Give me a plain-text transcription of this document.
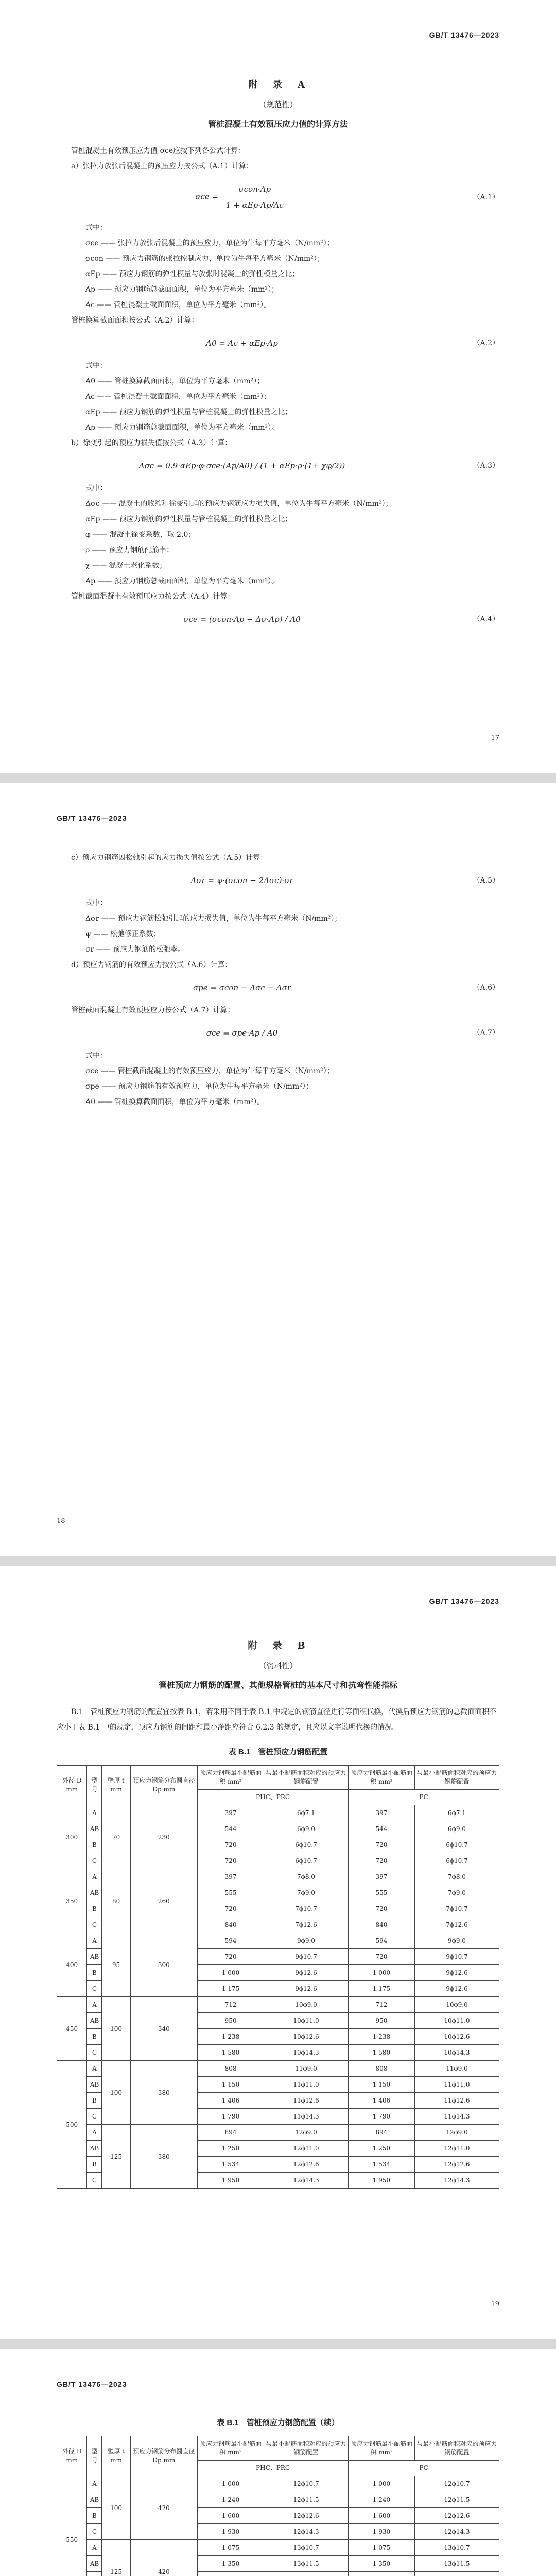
GB/T 13476—2023
附　录　A
（规范性）
管桩混凝土有效预压应力值的计算方法

管桩混凝土有效预压应力值 σce应按下列各公式计算：

a）张拉力放张后混凝土的预压应力按公式（A.1）计算：

$\sigma ce = \frac{\text{σcon·Ap}}{\text{1 + αEp·Ap/Ac}}$	（A.1）

式中：

σce —— 张拉力放张后混凝土的预压应力，单位为牛每平方毫米（N/mm²）；

σcon —— 预应力钢筋的张拉控制应力，单位为牛每平方毫米（N/mm²）；

αEp —— 预应力钢筋的弹性模量与放张时混凝土的弹性模量之比；

Ap —— 预应力钢筋总截面面积，单位为平方毫米（mm²）；

Ac —— 管桩混凝土截面面积，单位为平方毫米（mm²）。

管桩换算截面面积按公式（A.2）计算：

A0 = Ac + αEp·Ap	（A.2）

式中：

A0 —— 管桩换算截面面积，单位为平方毫米（mm²）；

Ac —— 管桩混凝土截面面积，单位为平方毫米（mm²）；

αEp —— 预应力钢筋的弹性模量与管桩混凝土的弹性模量之比；

Ap —— 预应力钢筋总截面面积，单位为平方毫米（mm²）。

b）徐变引起的预应力损失值按公式（A.3）计算：

Δσc = 0.9·αEp·φ·σce·(Ap/A0) / (1 + αEp·ρ·(1+ χφ/2))	（A.3）

式中：

Δσc —— 混凝土的收缩和徐变引起的预应力钢筋应力损失值，单位为牛每平方毫米（N/mm²）；

αEp —— 预应力钢筋的弹性模量与管桩混凝土的弹性模量之比；

φ —— 混凝土徐变系数，取 2.0；

ρ —— 预应力钢筋配筋率；

χ —— 混凝土老化系数；

Ap —— 预应力钢筋总截面面积，单位为平方毫米（mm²）。

管桩截面混凝土有效预压应力按公式（A.4）计算：

σce = (σcon·Ap − Δσ·Ap) / A0	（A.4）
17
GB/T 13476—2023

c）预应力钢筋因松弛引起的应力损失值按公式（A.5）计算：

Δσr = ψ·(σcon − 2Δσc)·σr	（A.5）

式中：

Δσr —— 预应力钢筋松弛引起的应力损失值，单位为牛每平方毫米（N/mm²）；

ψ —— 松弛修正系数；

σr —— 预应力钢筋的松弛率。

d）预应力钢筋的有效预应力按公式（A.6）计算：

σpe = σcon − Δσc − Δσr	（A.6）

管桩截面混凝土有效预压应力按公式（A.7）计算：

σce = σpe·Ap / A0	（A.7）

式中：

σce —— 管桩截面混凝土的有效预压应力，单位为牛每平方毫米（N/mm²）；

σpe —— 预应力钢筋的有效预应力，单位为牛每平方毫米（N/mm²）；

A0 —— 管桩换算截面面积，单位为平方毫米（mm²）。

18
GB/T 13476—2023
附　录　B
（资料性）
管桩预应力钢筋的配置、其他规格管桩的基本尺寸和抗弯性能指标

B.1　管桩预应力钢筋的配置宜按表 B.1，若采用不同于表 B.1 中规定的钢筋直径进行等面积代换，代换后预应力钢筋的总截面面积不应小于表 B.1 中的规定，预应力钢筋的间距和最小净距应符合 6.2.3 的规定，且应以文字说明代换的情况。

表 B.1　管桩预应力钢筋配置
外径 D mm	型号	壁厚 t mm	预应力钢筋分布圆直径 Dp mm	预应力钢筋最小配筋面积 mm²	与最小配筋面积对应的预应力钢筋配置	预应力钢筋最小配筋面积 mm²	与最小配筋面积对应的预应力钢筋配置
				PHC、PRC		PC	
300	A	70	230	397	6ϕ7.1	397	6ϕ7.1
	AB			544	6ϕ9.0	544	6ϕ9.0
	B			720	6ϕ10.7	720	6ϕ10.7
	C			720	6ϕ10.7	720	6ϕ10.7
350	A	80	260	397	7ϕ8.0	397	7ϕ8.0
	AB			555	7ϕ9.0	555	7ϕ9.0
	B			720	7ϕ10.7	720	7ϕ10.7
	C			840	7ϕ12.6	840	7ϕ12.6
400	A	95	300	594	9ϕ9.0	594	9ϕ9.0
	AB			720	9ϕ10.7	720	9ϕ10.7
	B			1 000	9ϕ12.6	1 000	9ϕ12.6
	C			1 175	9ϕ12.6	1 175	9ϕ12.6
450	A	100	340	712	10ϕ9.0	712	10ϕ9.0
	AB			950	10ϕ11.0	950	10ϕ11.0
	B			1 238	10ϕ12.6	1 238	10ϕ12.6
	C			1 580	10ϕ14.3	1 580	10ϕ14.3
500	A	100	380	808	11ϕ9.0	808	11ϕ9.0
	AB			1 150	11ϕ11.0	1 150	11ϕ11.0
	B			1 406	11ϕ12.6	1 406	11ϕ12.6
	C			1 790	11ϕ14.3	1 790	11ϕ14.3
	A	125	380	894	12ϕ9.0	894	12ϕ9.0
	AB			1 250	12ϕ11.0	1 250	12ϕ11.0
	B			1 534	12ϕ12.6	1 534	12ϕ12.6
	C			1 950	12ϕ14.3	1 950	12ϕ14.3
19
GB/T 13476—2023
表 B.1　管桩预应力钢筋配置（续）
外径 D mm	型号	壁厚 t mm	预应力钢筋分布圆直径 Dp mm	预应力钢筋最小配筋面积 mm²	与最小配筋面积对应的预应力钢筋配置	预应力钢筋最小配筋面积 mm²	与最小配筋面积对应的预应力钢筋配置
				PHC、PRC		PC	
550	A	100	420	1 000	12ϕ10.7	1 000	12ϕ10.7
	AB			1 240	12ϕ11.5	1 240	12ϕ11.5
	B			1 600	12ϕ12.6	1 600	12ϕ12.6
	C			1 930	12ϕ14.3	1 930	12ϕ14.3
	A	125	420	1 075	13ϕ10.7	1 075	13ϕ10.7
	AB			1 350	13ϕ11.5	1 350	13ϕ11.5
